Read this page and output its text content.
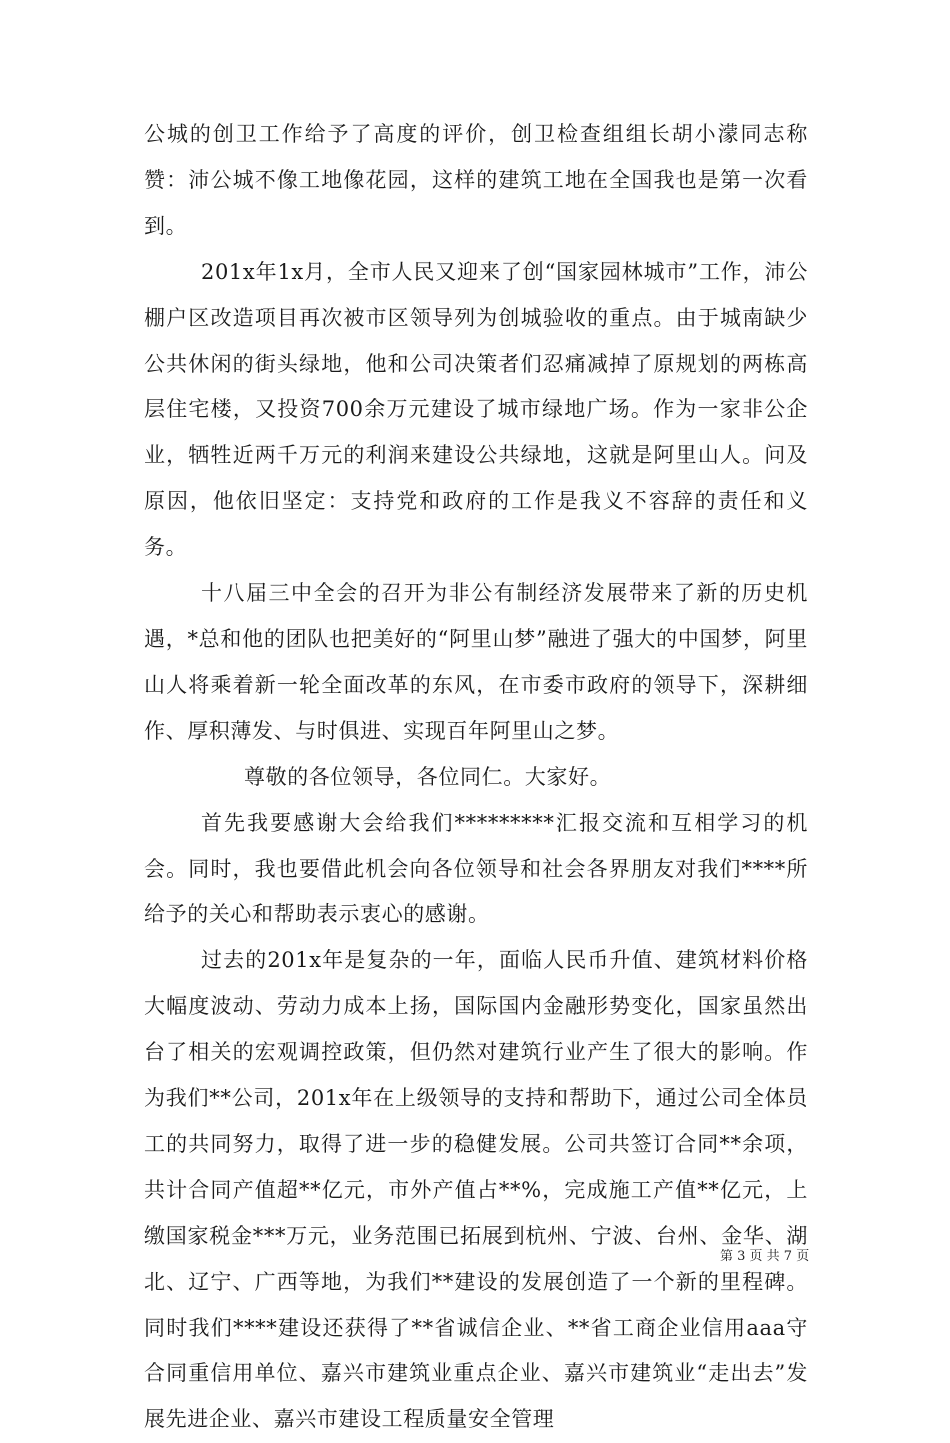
公城的创卫工作给予了高度的评价，创卫检查组组长胡小濛同志称赞：沛公城不像工地像花园，这样的建筑工地在全国我也是第一次看到。

201x年1x月，全市人民又迎来了创“国家园林城市”工作，沛公棚户区改造项目再次被市区领导列为创城验收的重点。由于城南缺少公共休闲的街头绿地，他和公司决策者们忍痛减掉了原规划的两栋高层住宅楼，又投资700余万元建设了城市绿地广场。作为一家非公企业，牺牲近两千万元的利润来建设公共绿地，这就是阿里山人。问及原因，他依旧坚定：支持党和政府的工作是我义不容辞的责任和义务。

十八届三中全会的召开为非公有制经济发展带来了新的历史机遇，*总和他的团队也把美好的“阿里山梦”融进了强大的中国梦，阿里山人将乘着新一轮全面改革的东风，在市委市政府的领导下，深耕细作、厚积薄发、与时俱进、实现百年阿里山之梦。

尊敬的各位领导，各位同仁。大家好。

首先我要感谢大会给我们*********汇报交流和互相学习的机会。同时，我也要借此机会向各位领导和社会各界朋友对我们****所给予的关心和帮助表示衷心的感谢。

过去的201x年是复杂的一年，面临人民币升值、建筑材料价格大幅度波动、劳动力成本上扬，国际国内金融形势变化，国家虽然出台了相关的宏观调控政策，但仍然对建筑行业产生了很大的影响。作为我们**公司，201x年在上级领导的支持和帮助下，通过公司全体员工的共同努力，取得了进一步的稳健发展。公司共签订合同**余项，共计合同产值超**亿元，市外产值占**%，完成施工产值**亿元，上缴国家税金***万元，业务范围已拓展到杭州、宁波、台州、金华、湖北、辽宁、广西等地，为我们**建设的发展创造了一个新的里程碑。同时我们****建设还获得了**省诚信企业、**省工商企业信用aaa守合同重信用单位、嘉兴市建筑业重点企业、嘉兴市建筑业“走出去”发展先进企业、嘉兴市建设工程质量安全管理

第 3 页 共 7 页
